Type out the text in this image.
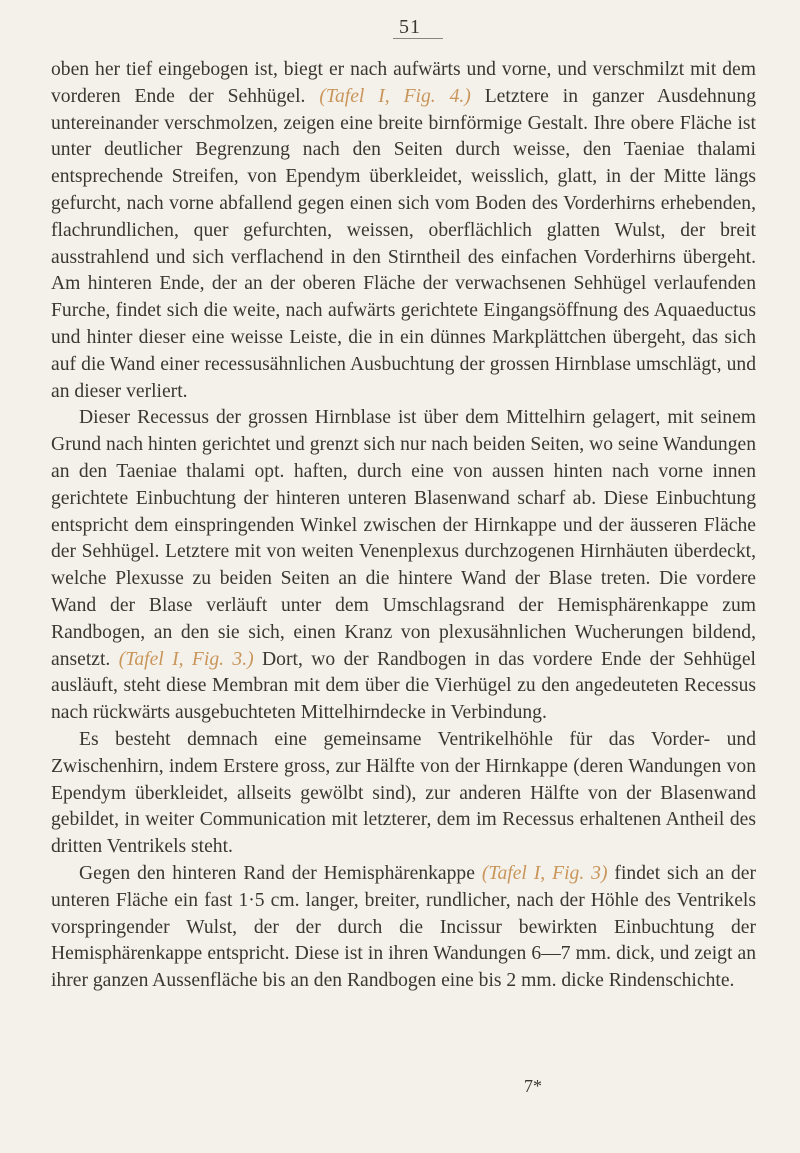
51

oben her tief eingebogen ist, biegt er nach aufwärts und vorne, und verschmilzt mit dem vorderen Ende der Sehhügel. (Tafel I, Fig. 4.) Letztere in ganzer Ausdehnung untereinander verschmolzen, zeigen eine breite birnförmige Gestalt. Ihre obere Fläche ist unter deutlicher Begrenzung nach den Seiten durch weisse, den Taeniae thalami entsprechende Streifen, von Ependym überkleidet, weisslich, glatt, in der Mitte längs gefurcht, nach vorne abfallend gegen einen sich vom Boden des Vorderhirns erhebenden, flachrundlichen, quer gefurchten, weissen, oberflächlich glatten Wulst, der breit ausstrahlend und sich verflachend in den Stirntheil des einfachen Vorderhirns übergeht. Am hinteren Ende, der an der oberen Fläche der verwachsenen Sehhügel verlaufenden Furche, findet sich die weite, nach aufwärts gerichtete Eingangsöffnung des Aquaeductus und hinter dieser eine weisse Leiste, die in ein dünnes Markplättchen übergeht, das sich auf die Wand einer recessusähnlichen Ausbuchtung der grossen Hirnblase umschlägt, und an dieser verliert.

Dieser Recessus der grossen Hirnblase ist über dem Mittelhirn gelagert, mit seinem Grund nach hinten gerichtet und grenzt sich nur nach beiden Seiten, wo seine Wandungen an den Taeniae thalami opt. haften, durch eine von aussen hinten nach vorne innen gerichtete Einbuchtung der hinteren unteren Blasenwand scharf ab. Diese Einbuchtung entspricht dem einspringenden Winkel zwischen der Hirnkappe und der äusseren Fläche der Sehhügel. Letztere mit von weiten Venenplexus durchzogenen Hirnhäuten überdeckt, welche Plexusse zu beiden Seiten an die hintere Wand der Blase treten. Die vordere Wand der Blase verläuft unter dem Umschlagsrand der Hemisphärenkappe zum Randbogen, an den sie sich, einen Kranz von plexusähnlichen Wucherungen bildend, ansetzt. (Tafel I, Fig. 3.) Dort, wo der Randbogen in das vordere Ende der Sehhügel ausläuft, steht diese Membran mit dem über die Vierhügel zu den angedeuteten Recessus nach rückwärts ausgebuchteten Mittelhirndecke in Verbindung.

Es besteht demnach eine gemeinsame Ventrikelhöhle für das Vorder- und Zwischenhirn, indem Erstere gross, zur Hälfte von der Hirnkappe (deren Wandungen von Ependym überkleidet, allseits gewölbt sind), zur anderen Hälfte von der Blasenwand gebildet, in weiter Communication mit letzterer, dem im Recessus erhaltenen Antheil des dritten Ventrikels steht.

Gegen den hinteren Rand der Hemisphärenkappe (Tafel I, Fig. 3) findet sich an der unteren Fläche ein fast 1·5 cm. langer, breiter, rundlicher, nach der Höhle des Ventrikels vorspringender Wulst, der der durch die Incissur bewirkten Einbuchtung der Hemisphärenkappe entspricht. Diese ist in ihren Wandungen 6—7 mm. dick, und zeigt an ihrer ganzen Aussenfläche bis an den Randbogen eine bis 2 mm. dicke Rindenschichte.

7*
